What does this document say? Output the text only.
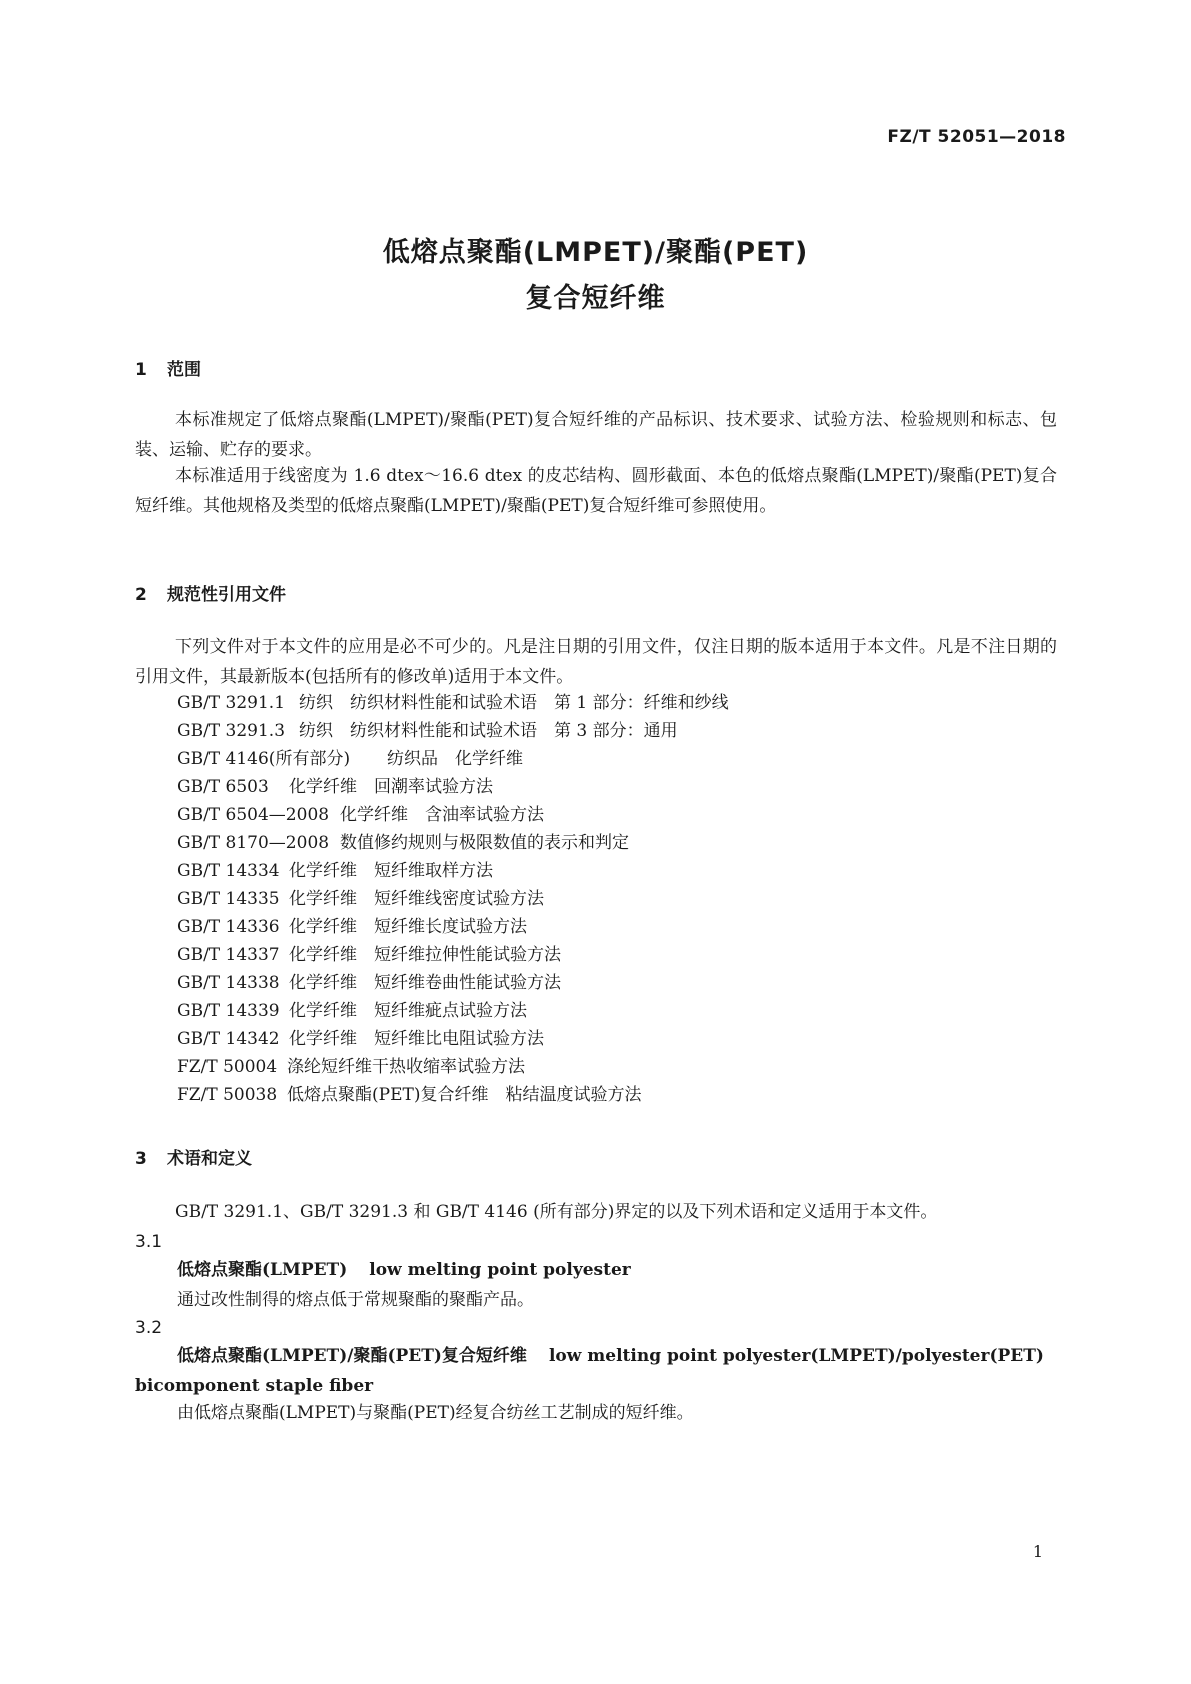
FZ/T 52051—2018
低熔点聚酯(LMPET)/聚酯(PET)
复合短纤维
1 范围
本标准规定了低熔点聚酯(LMPET)/聚酯(PET)复合短纤维的产品标识、技术要求、试验方法、检验规则和标志、包装、运输、贮存的要求。
本标准适用于线密度为 1.6 dtex～16.6 dtex 的皮芯结构、圆形截面、本色的低熔点聚酯(LMPET)/聚酯(PET)复合短纤维。其他规格及类型的低熔点聚酯(LMPET)/聚酯(PET)复合短纤维可参照使用。
2 规范性引用文件
下列文件对于本文件的应用是必不可少的。凡是注日期的引用文件，仅注日期的版本适用于本文件。凡是不注日期的引用文件，其最新版本(包括所有的修改单)适用于本文件。
GB/T 3291.1 纺织　纺织材料性能和试验术语　第 1 部分：纤维和纱线
GB/T 3291.3 纺织　纺织材料性能和试验术语　第 3 部分：通用
GB/T 4146(所有部分) 纺织品　化学纤维
GB/T 6503 化学纤维　回潮率试验方法
GB/T 6504—2008 化学纤维　含油率试验方法
GB/T 8170—2008 数值修约规则与极限数值的表示和判定
GB/T 14334 化学纤维　短纤维取样方法
GB/T 14335 化学纤维　短纤维线密度试验方法
GB/T 14336 化学纤维　短纤维长度试验方法
GB/T 14337 化学纤维　短纤维拉伸性能试验方法
GB/T 14338 化学纤维　短纤维卷曲性能试验方法
GB/T 14339 化学纤维　短纤维疵点试验方法
GB/T 14342 化学纤维　短纤维比电阻试验方法
FZ/T 50004 涤纶短纤维干热收缩率试验方法
FZ/T 50038 低熔点聚酯(PET)复合纤维　粘结温度试验方法
3 术语和定义
GB/T 3291.1、GB/T 3291.3 和 GB/T 4146 (所有部分)界定的以及下列术语和定义适用于本文件。
3.1
低熔点聚酯(LMPET) low melting point polyester
通过改性制得的熔点低于常规聚酯的聚酯产品。
3.2
低熔点聚酯(LMPET)/聚酯(PET)复合短纤维 low melting point polyester(LMPET)/polyester(PET) bicomponent staple fiber
由低熔点聚酯(LMPET)与聚酯(PET)经复合纺丝工艺制成的短纤维。
1
